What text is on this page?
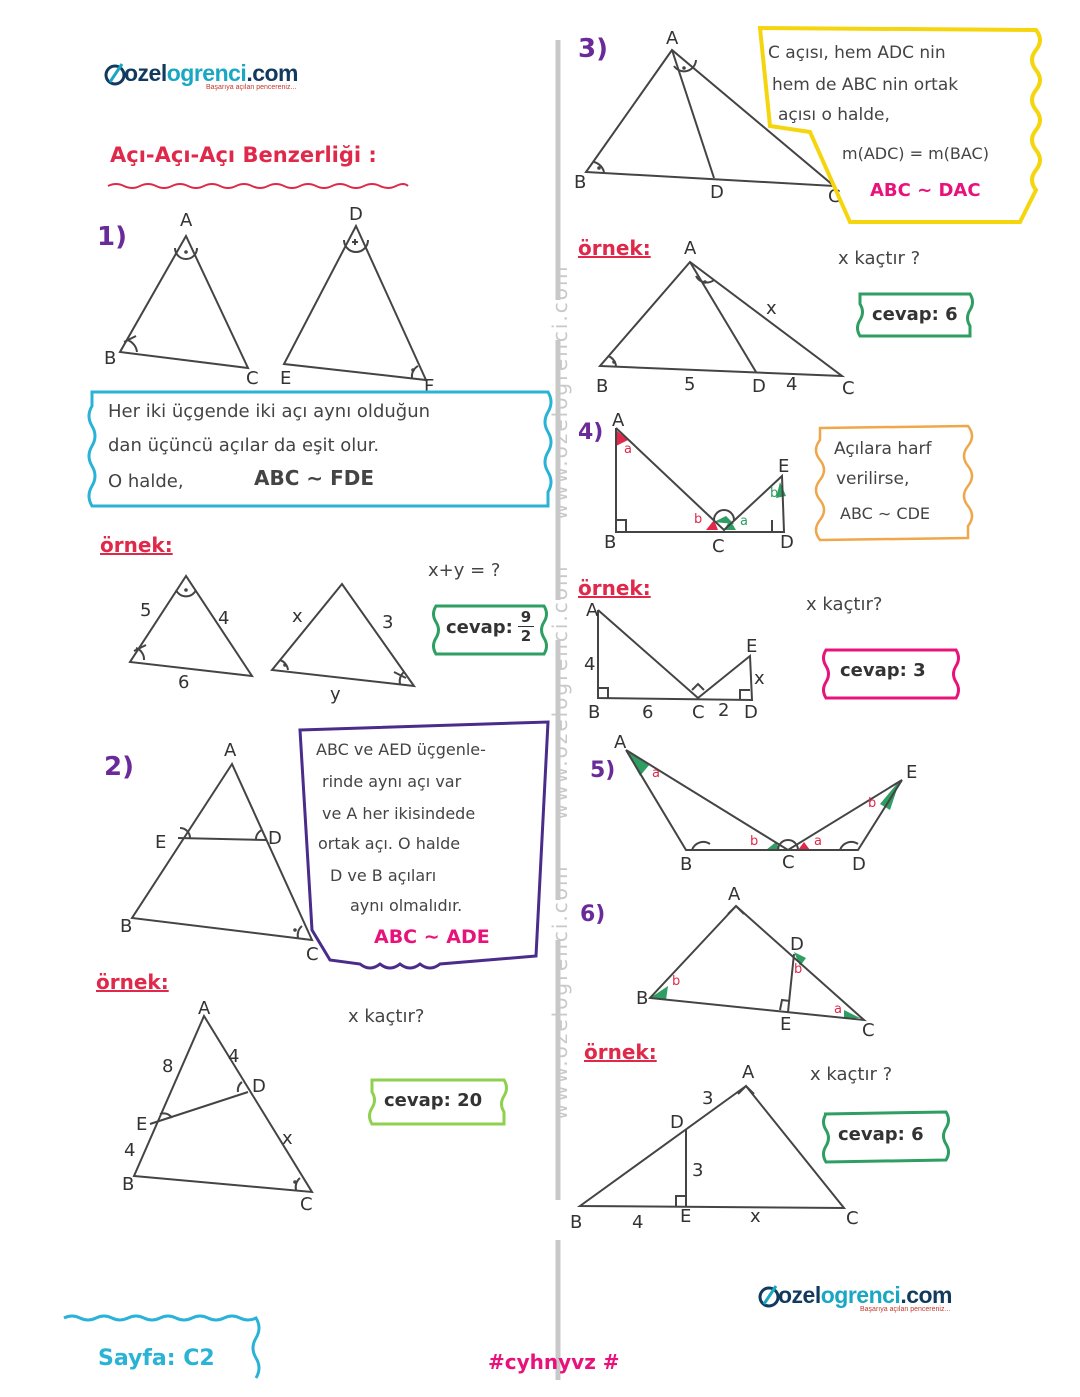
www.ozelogrenci.com
www.ozelogrenci.com
www.ozelogrenci.com
ozelogrenci.com
Başarıya açılan pencereniz...
Açı-Açı-Açı Benzerliği :
1)
A
B
C
D
E	F
Her iki üçgende iki açı aynı olduğun
dan üçüncü açılar da eşit olur.
O halde,	ABC ∼ FDE
örnek:
5	4
6
x	3
y
x+y = ?
cevap: $\frac{9}{2}$
2)
A
E	D
B
C
ABC ve AED üçgenle-
rinde aynı açı var
ve A her ikisindede
ortak açı. O halde
D ve B açıları
aynı olmalıdır.
ABC ∼ ADE
örnek:
A
D
E
B
C
8	4
4
x
x kaçtır?
cevap: 20
3)	A
B	D	C
C açısı, hem ADC nin
hem de ABC nin ortak
açısı o halde,
m(ADC) = m(BAC)
ABC ∼ DAC
örnek: A
B	D	C
x
5	4
x kaçtır ?
cevap: 6
4) A
B	C	D
E
a
b
b
a
Açılara harf
verilirse,
ABC ∼ CDE
örnek:
A
B	C D
E
4
6	2
x
x kaçtır?
cevap: 3
5)
A
B	C	D
E
a
b
b
a
6)
A
B
D
E	C
b
b
a
örnek:
A
D
B	E	C
3
3
4	x
x kaçtır ?
cevap: 6
ozelogrenci.com
Başarıya açılan pencereniz...
Sayfa: C2	#cyhnyvz #
